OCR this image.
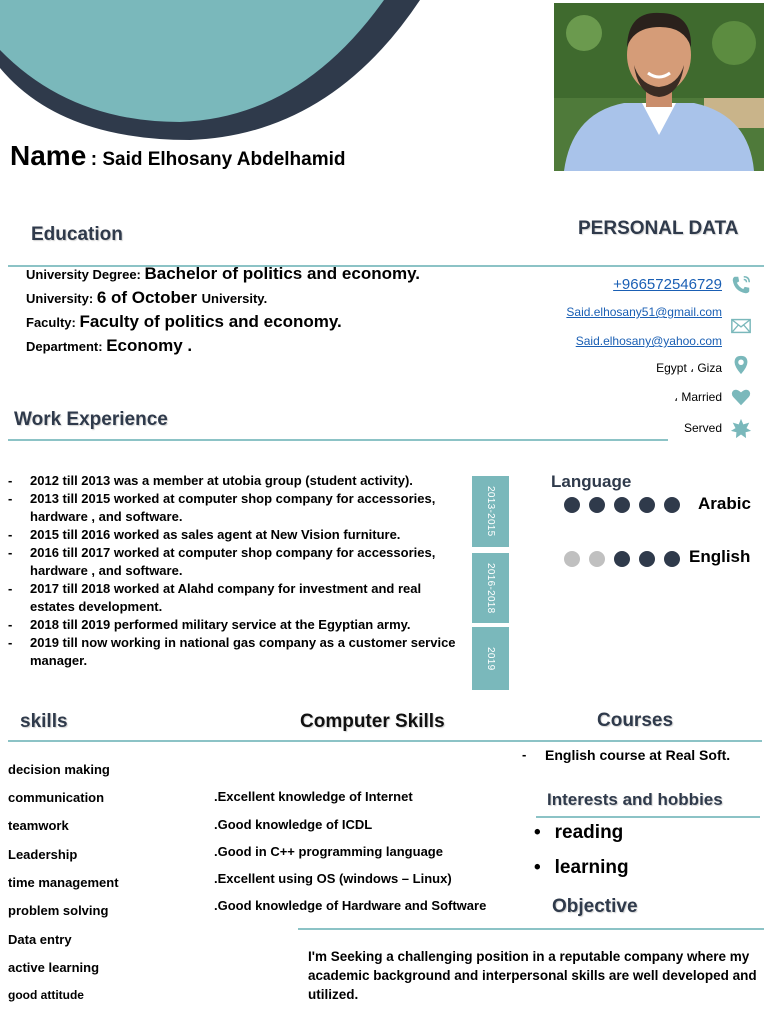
Name : Said Elhosany Abdelhamid
Education	PERSONAL DATA
University Degree: Bachelor of politics and economy.
University: 6 of October University.
Faculty: Faculty of politics and economy.
Department: Economy .
+966572546729
Said.elhosany51@gmail.com
Said.elhosany@yahoo.com
Egypt ، Giza
، Married
Served
Work Experience
- 2012 till 2013 was a member at utobia group (student activity).
- 2013 till 2015 worked at computer shop company for accessories, hardware , and software.
- 2015 till 2016 worked as sales agent at New Vision furniture.
- 2016 till 2017 worked at computer shop company for accessories, hardware , and software.
- 2017 till 2018 worked at Alahd company for investment and real estates development.
- 2018 till 2019 performed military service at the Egyptian army.
- 2019 till now working in national gas company as a customer service manager.
2013-2015
2016-2018
2019
Language
Arabic
English
skills	Computer Skills	Courses
decision making
communication
teamwork
Leadership
time management
problem solving
Data entry
active learning
good attitude
.Excellent knowledge of Internet
.Good knowledge of ICDL
.Good in C++ programming language
.Excellent using OS (windows – Linux)
.Good knowledge of Hardware and Software
- English course at Real Soft.
Interests and hobbies
• reading
• learning
Objective
I'm Seeking a challenging position in a reputable company where my academic background and interpersonal skills are well developed and utilized.
